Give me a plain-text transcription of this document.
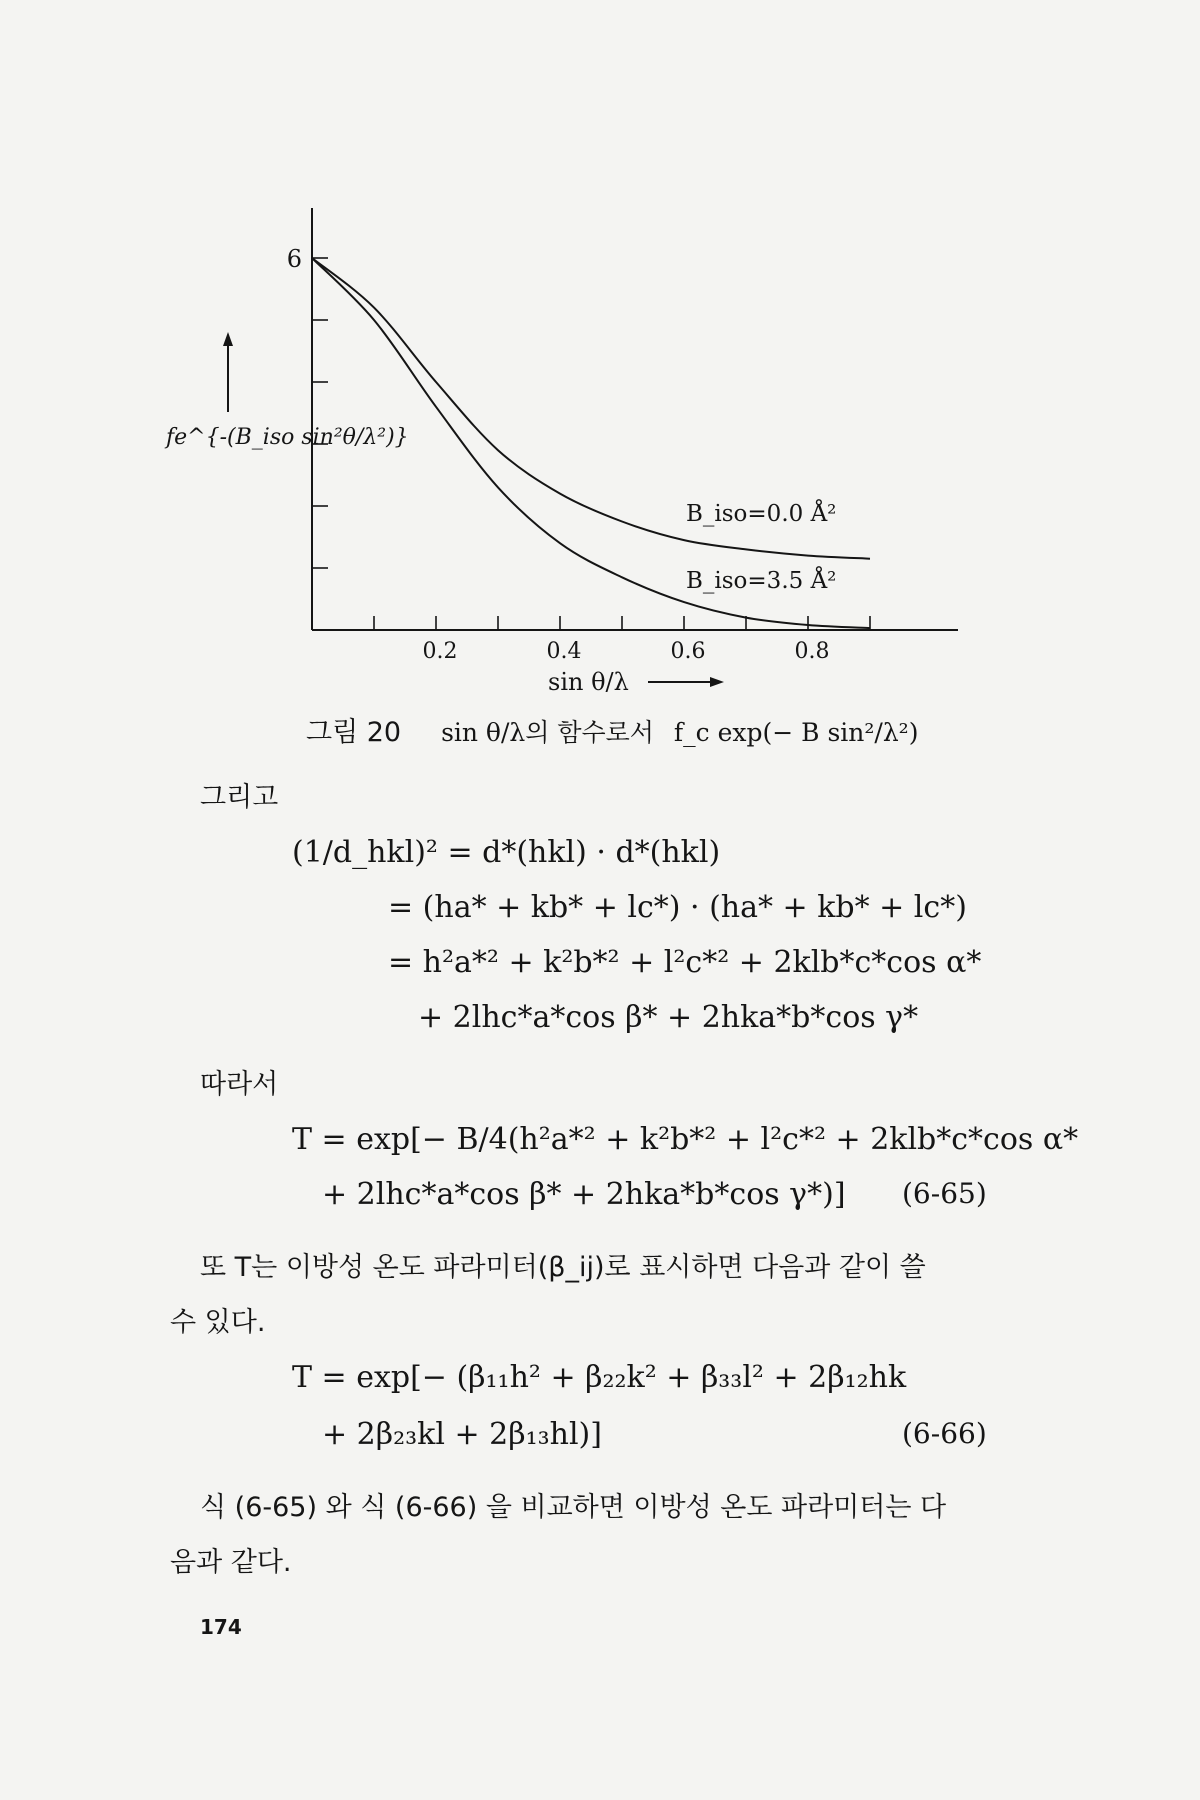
6
0.2	0.4	0.6	0.8
B_iso=0.0 Å²
B_iso=3.5 Å²
fe^{-(B_iso sin²θ/λ²)}
sin θ/λ
그림 20 sin θ/λ의 함수로서 f_c exp(− B sin²/λ²)
그리고
(1/d_hkl)² = d*(hkl) · d*(hkl)
= (ha* + kb* + lc*) · (ha* + kb* + lc*)
= h²a*² + k²b*² + l²c*² + 2klb*c*cos α*
+ 2lhc*a*cos β* + 2hka*b*cos γ*
따라서
T = exp[− B/4(h²a*² + k²b*² + l²c*² + 2klb*c*cos α*
+ 2lhc*a*cos β* + 2hka*b*cos γ*)] (6-65)
또 T는 이방성 온도 파라미터(β_ij)로 표시하면 다음과 같이 쓸
수 있다.
T = exp[− (β₁₁h² + β₂₂k² + β₃₃l² + 2β₁₂hk
+ 2β₂₃kl + 2β₁₃hl)]	(6-66)
식 (6-65) 와 식 (6-66) 을 비교하면 이방성 온도 파라미터는 다
음과 같다.
174
